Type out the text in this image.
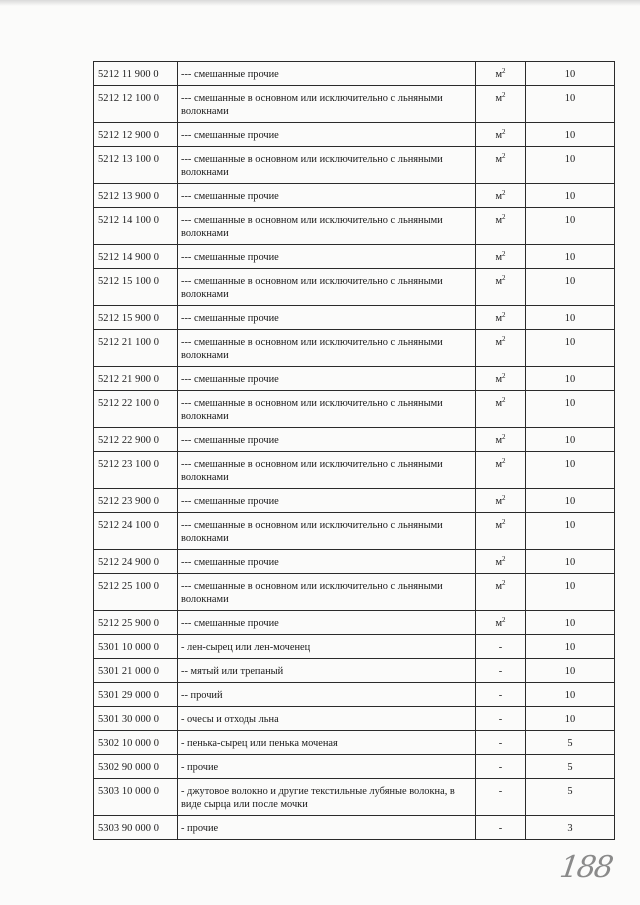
5212 11 900 0	--- смешанные прочие	$м^2$	10
5212 12 100 0	--- смешанные в основном или исключительно с льняными волокнами	$м^2$	10
5212 12 900 0	--- смешанные прочие	$м^2$	10
5212 13 100 0	--- смешанные в основном или исключительно с льняными волокнами	$м^2$	10
5212 13 900 0	--- смешанные прочие	$м^2$	10
5212 14 100 0	--- смешанные в основном или исключительно с льняными волокнами	$м^2$	10
5212 14 900 0	--- смешанные прочие	$м^2$	10
5212 15 100 0	--- смешанные в основном или исключительно с льняными волокнами	$м^2$	10
5212 15 900 0	--- смешанные прочие	$м^2$	10
5212 21 100 0	--- смешанные в основном или исключительно с льняными волокнами	$м^2$	10
5212 21 900 0	--- смешанные прочие	$м^2$	10
5212 22 100 0	--- смешанные в основном или исключительно с льняными волокнами	$м^2$	10
5212 22 900 0	--- смешанные прочие	$м^2$	10
5212 23 100 0	--- смешанные в основном или исключительно с льняными волокнами	$м^2$	10
5212 23 900 0	--- смешанные прочие	$м^2$	10
5212 24 100 0	--- смешанные в основном или исключительно с льняными волокнами	$м^2$	10
5212 24 900 0	--- смешанные прочие	$м^2$	10
5212 25 100 0	--- смешанные в основном или исключительно с льняными волокнами	$м^2$	10
5212 25 900 0	--- смешанные прочие	$м^2$	10
5301 10 000 0	- лен-сырец или лен-моченец	-	10
5301 21 000 0	-- мятый или трепаный	-	10
5301 29 000 0	-- прочий	-	10
5301 30 000 0	- очесы и отходы льна	-	10
5302 10 000 0	- пенька-сырец или пенька моченая	-	5
5302 90 000 0	- прочие	-	5
5303 10 000 0	- джутовое волокно и другие текстильные лубяные волокна, в виде сырца или после мочки	-	5
5303 90 000 0	- прочие	-	3
188
